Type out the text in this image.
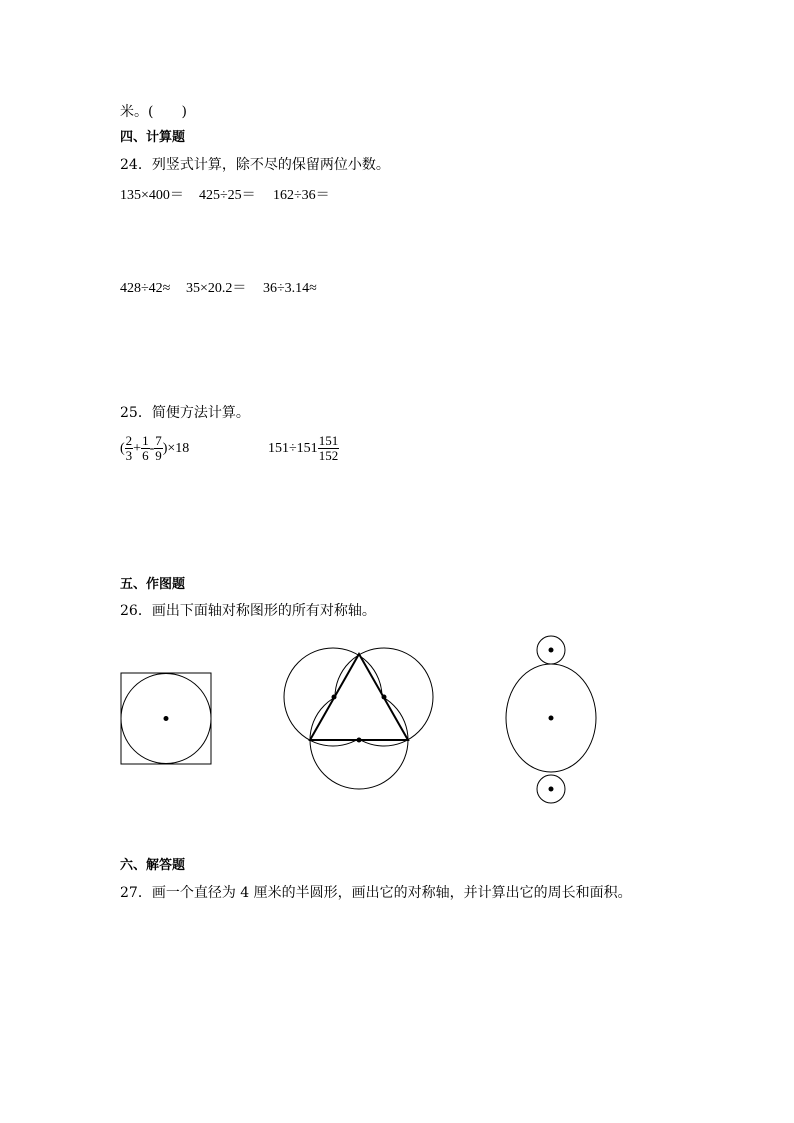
米。(　　)
四、计算题
24．列竖式计算，除不尽的保留两位小数。
135×400＝ 425÷25＝ 162÷36＝
428÷42≈ 35×20.2＝ 36÷3.14≈
25．简便方法计算。
( $\frac{2}{3} + \frac{1}{6} - \frac{7}{9} )\times 18$	$151\div 151 \frac{151}{152}$
五、作图题
26．画出下面轴对称图形的所有对称轴。
六、解答题
27．画一个直径为 4 厘米的半圆形，画出它的对称轴，并计算出它的周长和面积。
